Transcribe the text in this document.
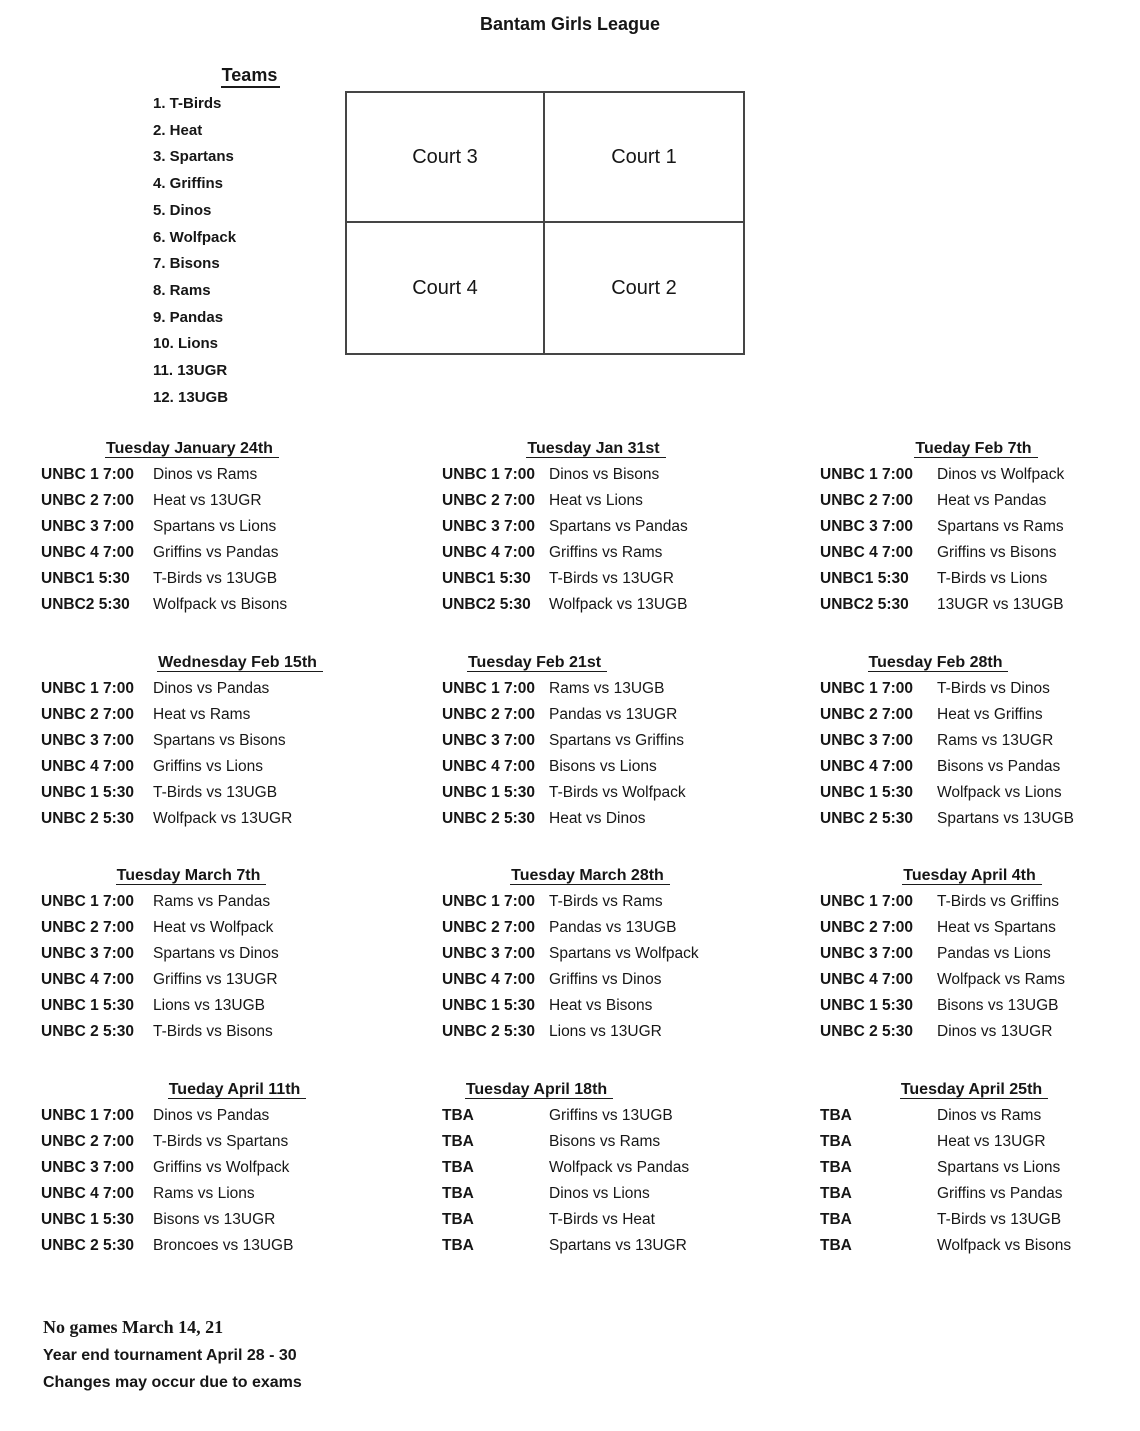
Bantam Girls League
Teams
1. T-Birds
2. Heat
3. Spartans
4. Griffins
5. Dinos
6. Wolfpack
7. Bisons
8. Rams
9. Pandas
10. Lions
11. 13UGR
12. 13UGB
Court 3	Court 1
Court 4	Court 2
Tuesday January 24th
UNBC 1 7:00 Dinos vs Rams
UNBC 2 7:00 Heat vs 13UGR
UNBC 3 7:00 Spartans vs Lions
UNBC 4 7:00 Griffins vs Pandas
UNBC1 5:30 T-Birds vs 13UGB
UNBC2 5:30 Wolfpack vs Bisons
Tuesday Jan 31st
UNBC 1 7:00 Dinos vs Bisons
UNBC 2 7:00 Heat vs Lions
UNBC 3 7:00 Spartans vs Pandas
UNBC 4 7:00 Griffins vs Rams
UNBC1 5:30 T-Birds vs 13UGR
UNBC2 5:30 Wolfpack vs 13UGB
Tueday Feb 7th
UNBC 1 7:00 Dinos vs Wolfpack
UNBC 2 7:00 Heat vs Pandas
UNBC 3 7:00 Spartans vs Rams
UNBC 4 7:00 Griffins vs Bisons
UNBC1 5:30 T-Birds vs Lions
UNBC2 5:30 13UGR vs 13UGB
Wednesday Feb 15th
UNBC 1 7:00 Dinos vs Pandas
UNBC 2 7:00 Heat vs Rams
UNBC 3 7:00 Spartans vs Bisons
UNBC 4 7:00 Griffins vs Lions
UNBC 1 5:30 T-Birds vs 13UGB
UNBC 2 5:30 Wolfpack vs 13UGR
Tuesday Feb 21st
UNBC 1 7:00 Rams vs 13UGB
UNBC 2 7:00 Pandas vs 13UGR
UNBC 3 7:00 Spartans vs Griffins
UNBC 4 7:00 Bisons vs Lions
UNBC 1 5:30 T-Birds vs Wolfpack
UNBC 2 5:30 Heat vs Dinos
Tuesday Feb 28th
UNBC 1 7:00 T-Birds vs Dinos
UNBC 2 7:00 Heat vs Griffins
UNBC 3 7:00 Rams vs 13UGR
UNBC 4 7:00 Bisons vs Pandas
UNBC 1 5:30 Wolfpack vs Lions
UNBC 2 5:30 Spartans vs 13UGB
Tuesday March 7th
UNBC 1 7:00 Rams vs Pandas
UNBC 2 7:00 Heat vs Wolfpack
UNBC 3 7:00 Spartans vs Dinos
UNBC 4 7:00 Griffins vs 13UGR
UNBC 1 5:30 Lions vs 13UGB
UNBC 2 5:30 T-Birds vs Bisons
Tuesday March 28th
UNBC 1 7:00 T-Birds vs Rams
UNBC 2 7:00 Pandas vs 13UGB
UNBC 3 7:00 Spartans vs Wolfpack
UNBC 4 7:00 Griffins vs Dinos
UNBC 1 5:30 Heat vs Bisons
UNBC 2 5:30 Lions vs 13UGR
Tuesday April 4th
UNBC 1 7:00 T-Birds vs Griffins
UNBC 2 7:00 Heat vs Spartans
UNBC 3 7:00 Pandas vs Lions
UNBC 4 7:00 Wolfpack vs Rams
UNBC 1 5:30 Bisons vs 13UGB
UNBC 2 5:30 Dinos vs 13UGR
Tueday April 11th
UNBC 1 7:00 Dinos vs Pandas
UNBC 2 7:00 T-Birds vs Spartans
UNBC 3 7:00 Griffins vs Wolfpack
UNBC 4 7:00 Rams vs Lions
UNBC 1 5:30 Bisons vs 13UGR
UNBC 2 5:30 Broncoes vs 13UGB
Tuesday April 18th
TBA	Griffins vs 13UGB
TBA	Bisons vs Rams
TBA	Wolfpack vs Pandas
TBA	Dinos vs Lions
TBA	T-Birds vs Heat
TBA	Spartans vs 13UGR
Tuesday April 25th
TBA	Dinos vs Rams
TBA	Heat vs 13UGR
TBA	Spartans vs Lions
TBA	Griffins vs Pandas
TBA	T-Birds vs 13UGB
TBA	Wolfpack vs Bisons
No games March 14, 21
Year end tournament April 28 - 30
Changes may occur due to exams
